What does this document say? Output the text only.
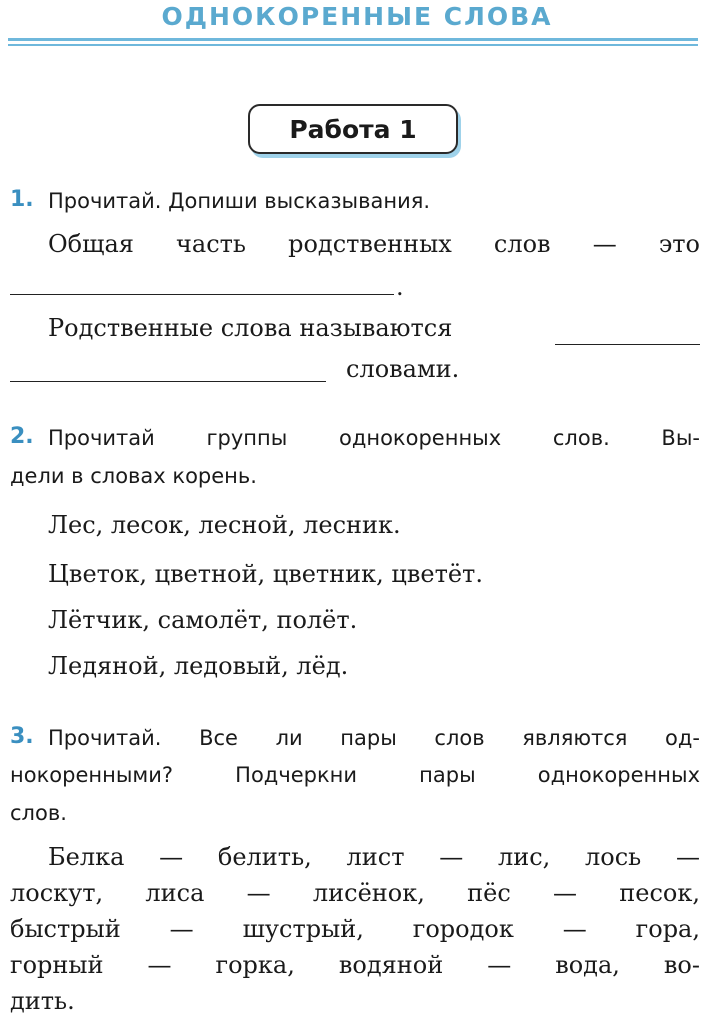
ОДНОКОРЕННЫЕ СЛОВА
Работа 1
1. Прочитай. Допиши высказывания.
Общая часть родственных слов — это
.
Родственные слова называются
словами.
2. Прочитай группы однокоренных слов. Вы-
дели в словах корень.
Лес, лесок, лесной, лесник.
Цветок, цветной, цветник, цветёт.
Лётчик, самолёт, полёт.
Ледяной, ледовый, лёд.
3. Прочитай. Все ли пары слов являются од-
нокоренными? Подчеркни пары однокоренных
слов.
Белка — белить, лист — лис, лось —
лоскут, лиса — лисёнок, пёс — песок,
быстрый — шустрый, городок — гора,
горный — горка, водяной — вода, во-
дить.
